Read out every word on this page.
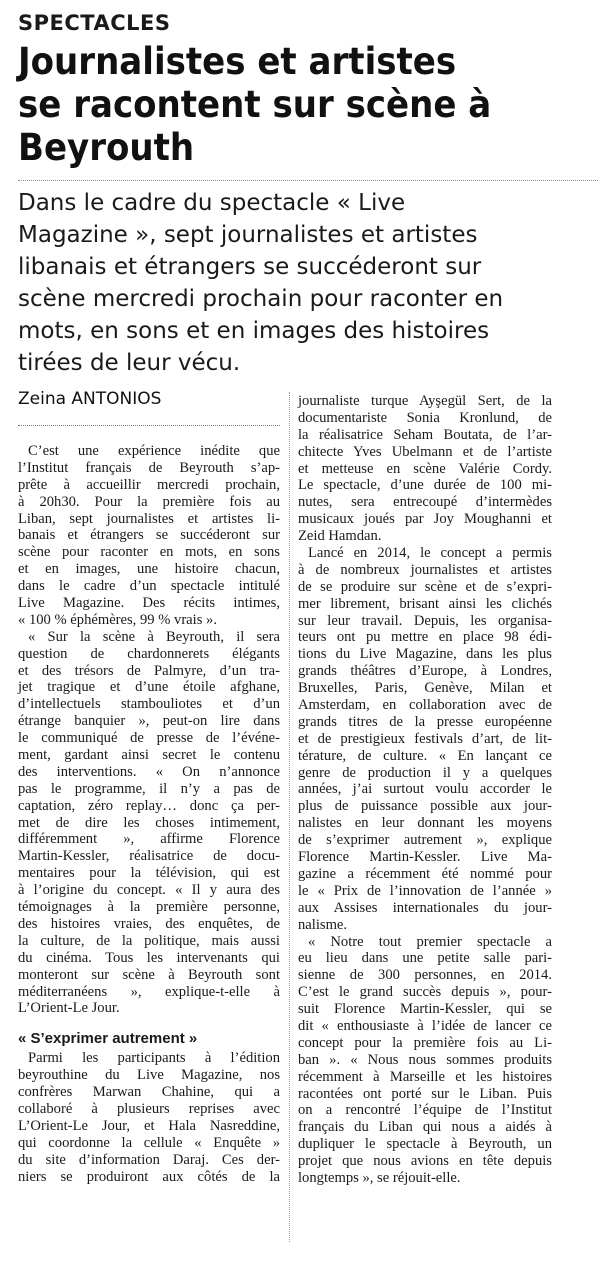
SPECTACLES
Journalistes et artistes
se racontent sur scène à
Beyrouth

Dans le cadre du spectacle « Live
Magazine », sept journalistes et artistes
libanais et étrangers se succéderont sur
scène mercredi prochain pour raconter en
mots, en sons et en images des histoires
tirées de leur vécu.

Zeina ANTONIOS
C’est une expérience inédite que
l’Institut français de Beyrouth s’ap-
prête à accueillir mercredi prochain,
à 20h30. Pour la première fois au
Liban, sept journalistes et artistes li-
banais et étrangers se succéderont sur
scène pour raconter en mots, en sons
et en images, une histoire chacun,
dans le cadre d’un spectacle intitulé
Live Magazine. Des récits intimes,
« 100 % éphémères, 99 % vrais ».
« Sur la scène à Beyrouth, il sera
question de chardonnerets élégants
et des trésors de Palmyre, d’un tra-
jet tragique et d’une étoile afghane,
d’intellectuels stambouliotes et d’un
étrange banquier », peut-on lire dans
le communiqué de presse de l’événe-
ment, gardant ainsi secret le contenu
des interventions. « On n’annonce
pas le programme, il n’y a pas de
captation, zéro replay… donc ça per-
met de dire les choses intimement,
différemment », affirme Florence
Martin-Kessler, réalisatrice de docu-
mentaires pour la télévision, qui est
à l’origine du concept. « Il y aura des
témoignages à la première personne,
des histoires vraies, des enquêtes, de
la culture, de la politique, mais aussi
du cinéma. Tous les intervenants qui
monteront sur scène à Beyrouth sont
méditerranéens », explique-t-elle à
L’Orient-Le Jour.
« S’exprimer autrement »
Parmi les participants à l’édition
beyrouthine du Live Magazine, nos
confrères Marwan Chahine, qui a
collaboré à plusieurs reprises avec
L’Orient-Le Jour, et Hala Nasreddine,
qui coordonne la cellule « Enquête »
du site d’information Daraj. Ces der-
niers se produiront aux côtés de la
journaliste turque Ayşegül Sert, de la
documentariste Sonia Kronlund, de
la réalisatrice Seham Boutata, de l’ar-
chitecte Yves Ubelmann et de l’artiste
et metteuse en scène Valérie Cordy.
Le spectacle, d’une durée de 100 mi-
nutes, sera entrecoupé d’intermèdes
musicaux joués par Joy Moughanni et
Zeid Hamdan.
Lancé en 2014, le concept a permis
à de nombreux journalistes et artistes
de se produire sur scène et de s’expri-
mer librement, brisant ainsi les clichés
sur leur travail. Depuis, les organisa-
teurs ont pu mettre en place 98 édi-
tions du Live Magazine, dans les plus
grands théâtres d’Europe, à Londres,
Bruxelles, Paris, Genève, Milan et
Amsterdam, en collaboration avec de
grands titres de la presse européenne
et de prestigieux festivals d’art, de lit-
térature, de culture. « En lançant ce
genre de production il y a quelques
années, j’ai surtout voulu accorder le
plus de puissance possible aux jour-
nalistes en leur donnant les moyens
de s’exprimer autrement », explique
Florence Martin-Kessler. Live Ma-
gazine a récemment été nommé pour
le « Prix de l’innovation de l’année »
aux Assises internationales du jour-
nalisme.
« Notre tout premier spectacle a
eu lieu dans une petite salle pari-
sienne de 300 personnes, en 2014.
C’est le grand succès depuis », pour-
suit Florence Martin-Kessler, qui se
dit « enthousiaste à l’idée de lancer ce
concept pour la première fois au Li-
ban ». « Nous nous sommes produits
récemment à Marseille et les histoires
racontées ont porté sur le Liban. Puis
on a rencontré l’équipe de l’Institut
français du Liban qui nous a aidés à
dupliquer le spectacle à Beyrouth, un
projet que nous avions en tête depuis
longtemps », se réjouit-elle.
